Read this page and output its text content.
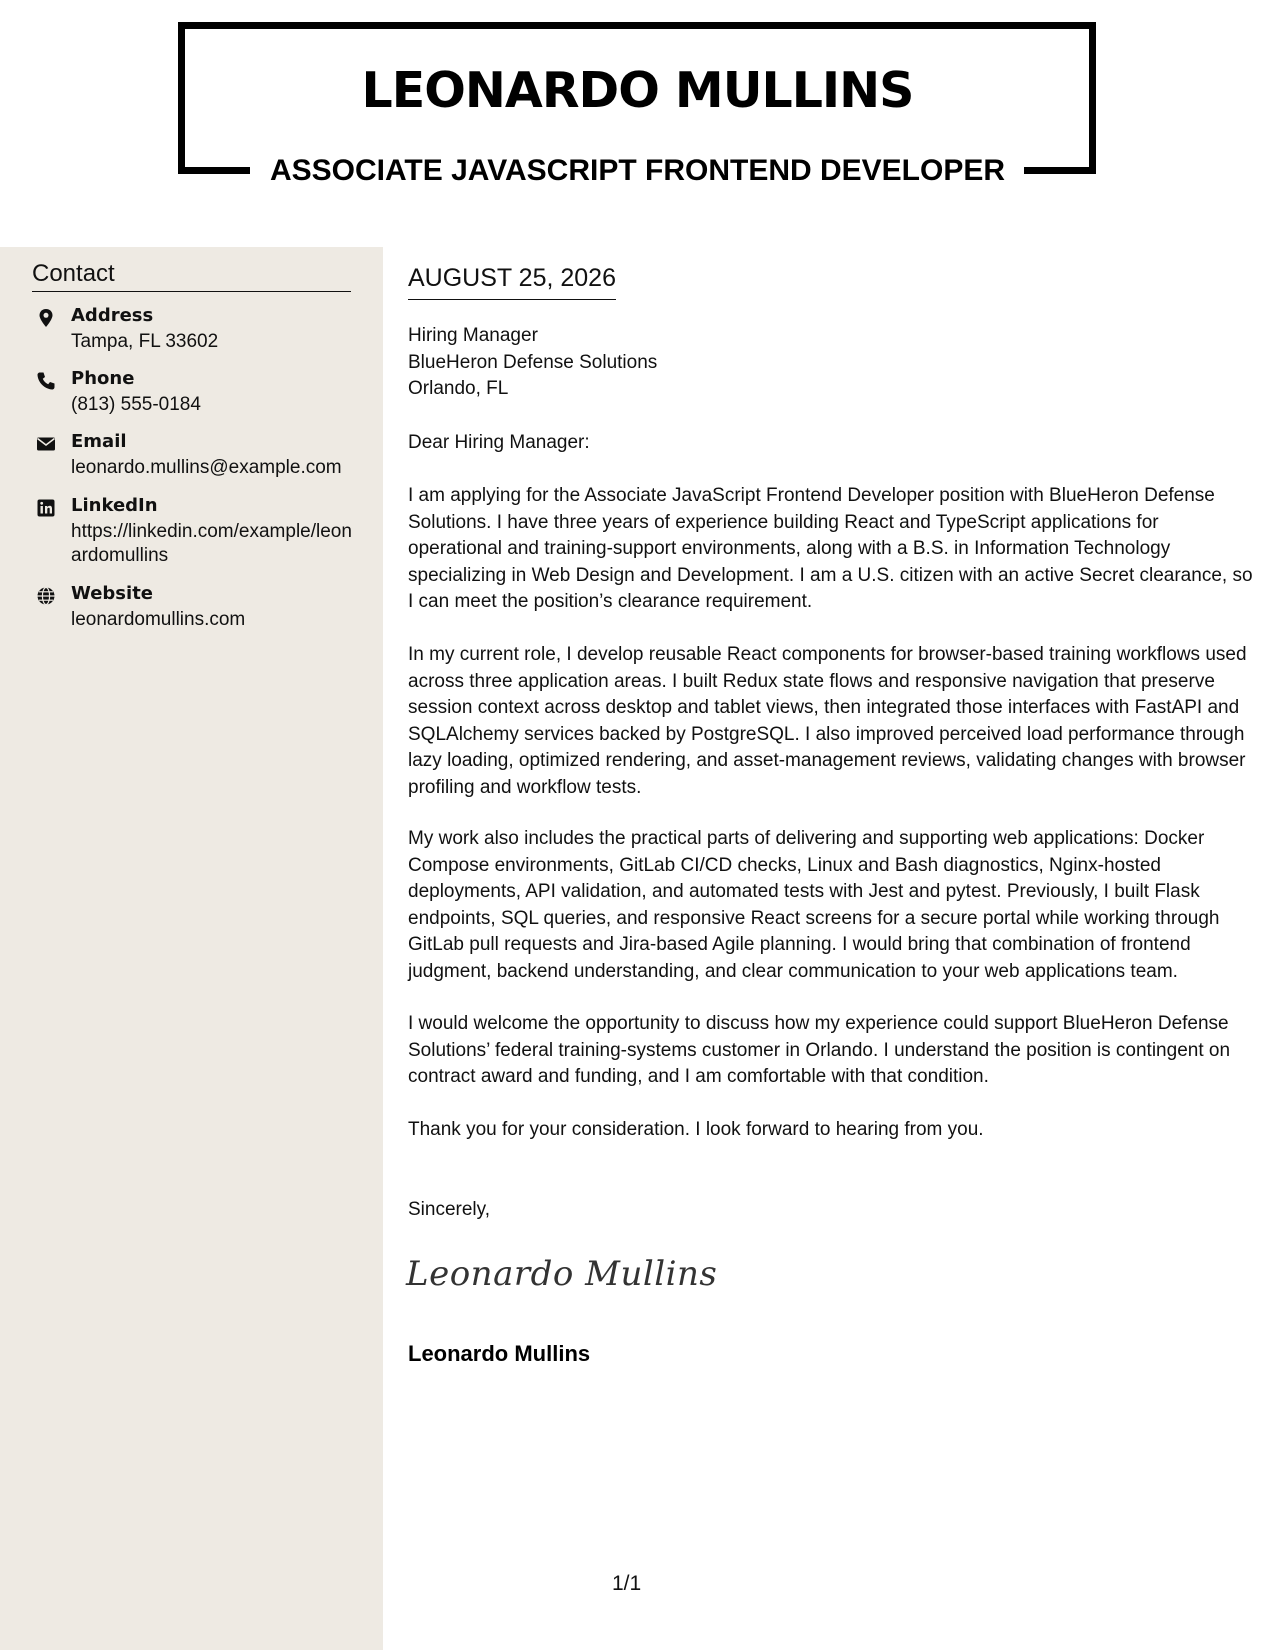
LEONARDO MULLINS
ASSOCIATE JAVASCRIPT FRONTEND DEVELOPER
Contact
Address
Tampa, FL 33602
Phone
(813) 555-0184
Email
leonardo.mullins@example.com
LinkedIn
https://linkedin.com/example/leonardomullins
Website
leonardomullins.com
AUGUST 25, 2026
Hiring Manager
BlueHeron Defense Solutions
Orlando, FL

Dear Hiring Manager:

I am applying for the Associate JavaScript Frontend Developer position with BlueHeron Defense Solutions. I have three years of experience building React and TypeScript applications for operational and training-support environments, along with a B.S. in Information Technology specializing in Web Design and Development. I am a U.S. citizen with an active Secret clearance, so I can meet the position’s clearance requirement.

In my current role, I develop reusable React components for browser-based training workflows used across three application areas. I built Redux state flows and responsive navigation that preserve session context across desktop and tablet views, then integrated those interfaces with FastAPI and SQLAlchemy services backed by PostgreSQL. I also improved perceived load performance through lazy loading, optimized rendering, and asset-management reviews, validating changes with browser profiling and workflow tests.

My work also includes the practical parts of delivering and supporting web applications: Docker Compose environments, GitLab CI/CD checks, Linux and Bash diagnostics, Nginx-hosted deployments, API validation, and automated tests with Jest and pytest. Previously, I built Flask endpoints, SQL queries, and responsive React screens for a secure portal while working through GitLab pull requests and Jira-based Agile planning. I would bring that combination of frontend judgment, backend understanding, and clear communication to your web applications team.

I would welcome the opportunity to discuss how my experience could support BlueHeron Defense Solutions’ federal training-systems customer in Orlando. I understand the position is contingent on contract award and funding, and I am comfortable with that condition.

Thank you for your consideration. I look forward to hearing from you.

Sincerely,

Leonardo Mullins
Leonardo Mullins
1/1
